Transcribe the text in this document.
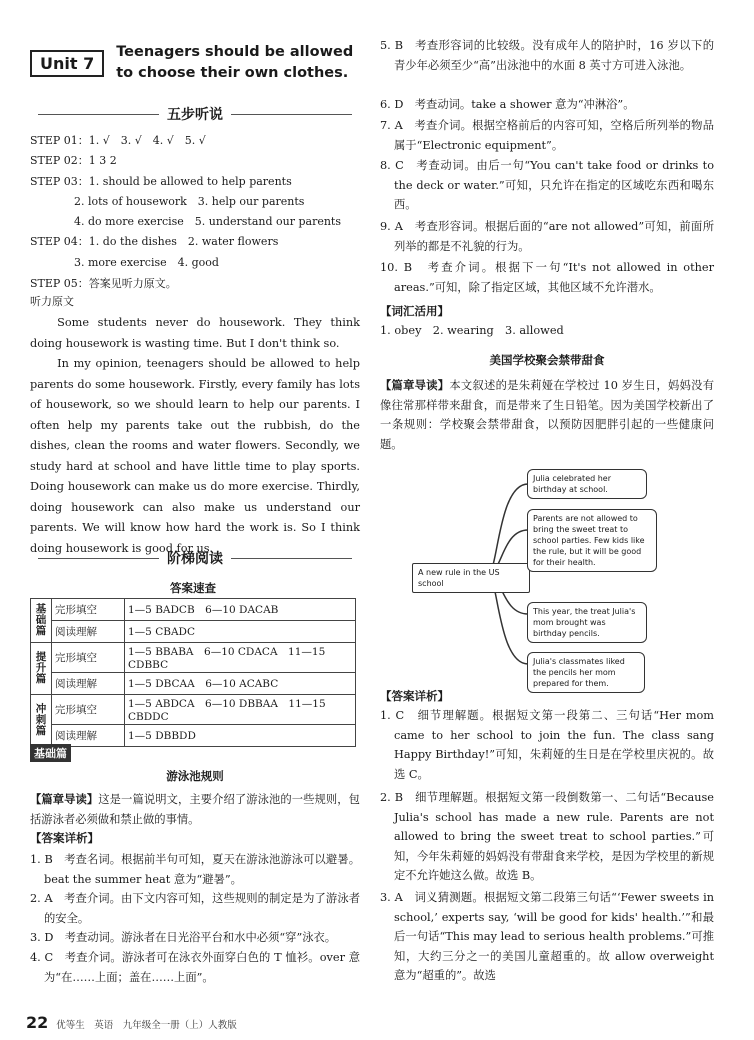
Unit 7
Teenagers should be allowed to choose their own clothes.
五步听说
STEP 01：1. √　3. √　4. √　5. √
STEP 02：1 3 2
STEP 03：1. should be allowed to help parents
　　　　2. lots of housework　3. help our parents
　　　　4. do more exercise　5. understand our parents
STEP 04：1. do the dishes　2. water flowers
　　　　3. more exercise　4. good
STEP 05：答案见听力原文。
听力原文
Some students never do housework. They think doing housework is wasting time. But I don't think so.
In my opinion, teenagers should be allowed to help parents do some housework. Firstly, every family has lots of housework, so we should learn to help our parents. I often help my parents take out the rubbish, do the dishes, clean the rooms and water flowers. Secondly, we study hard at school and have little time to play sports. Doing housework can make us do more exercise. Thirdly, doing housework can also make us understand our parents. We will know how hard the work is. So I think doing housework is good for us.
阶梯阅读
答案速查
基础篇	完形填空	1—5 BADCB　6—10 DACAB
	阅读理解	1—5 CBADC
提升篇	完形填空	1—5 BBABA　6—10 CDACA　11—15 CDBBC
	阅读理解	1—5 DBCAA　6—10 ACABC
冲刺篇	完形填空	1—5 ABDCA　6—10 DBBAA　11—15 CBDDC
	阅读理解	1—5 DBBDD
基础篇
游泳池规则
【篇章导读】这是一篇说明文，主要介绍了游泳池的一些规则，包括游泳者必须做和禁止做的事情。
【答案详析】
1. B　考查名词。根据前半句可知，夏天在游泳池游泳可以避暑。beat the summer heat 意为“避暑”。
2. A　考查介词。由下文内容可知，这些规则的制定是为了游泳者的安全。
3. D　考查动词。游泳者在日光浴平台和水中必须“穿”泳衣。
4. C　考查介词。游泳者可在泳衣外面穿白色的 T 恤衫。over 意为“在……上面；盖在……上面”。
5. B　考查形容词的比较级。没有成年人的陪护时，16 岁以下的青少年必须至少“高”出泳池中的水面 8 英寸方可进入泳池。
6. D　考查动词。take a shower 意为“冲淋浴”。
7. A　考查介词。根据空格前后的内容可知，空格后所列举的物品属于“Electronic equipment”。
8. C　考查动词。由后一句“You can't take food or drinks to the deck or water.”可知，只允许在指定的区域吃东西和喝东西。
9. A　考查形容词。根据后面的“are not allowed”可知，前面所列举的都是不礼貌的行为。
10. B　考查介词。根据下一句“It's not allowed in other areas.”可知，除了指定区域，其他区域不允许潜水。
【词汇活用】
1. obey　2. wearing　3. allowed
美国学校聚会禁带甜食
【篇章导读】本文叙述的是朱莉娅在学校过 10 岁生日，妈妈没有像往常那样带来甜食，而是带来了生日铅笔。因为美国学校新出了一条规则：学校聚会禁带甜食，以预防因肥胖引起的一些健康问题。
A new rule in the US school
Julia celebrated her birthday at school.
Parents are not allowed to bring the sweet treat to school parties. Few kids like the rule, but it will be good for their health.
This year, the treat Julia's mom brought was birthday pencils.
Julia's classmates liked the pencils her mom prepared for them.
【答案详析】
1. C　细节理解题。根据短文第一段第二、三句话“Her mom came to her school to join the fun. The class sang Happy Birthday!”可知，朱莉娅的生日是在学校里庆祝的。故选 C。
2. B　细节理解题。根据短文第一段倒数第一、二句话“Because Julia's school has made a new rule. Parents are not allowed to bring the sweet treat to school parties.”可知，今年朱莉娅的妈妈没有带甜食来学校，是因为学校里的新规定不允许她这么做。故选 B。
3. A　词义猜测题。根据短文第二段第三句话“‘Fewer sweets in school,’ experts say, ‘will be good for kids' health.’”和最后一句话“This may lead to serious health problems.”可推知，大约三分之一的美国儿童超重的。故 allow overweight 意为“超重的”。故选
22 优等生　英语　九年级全一册（上）人教版
